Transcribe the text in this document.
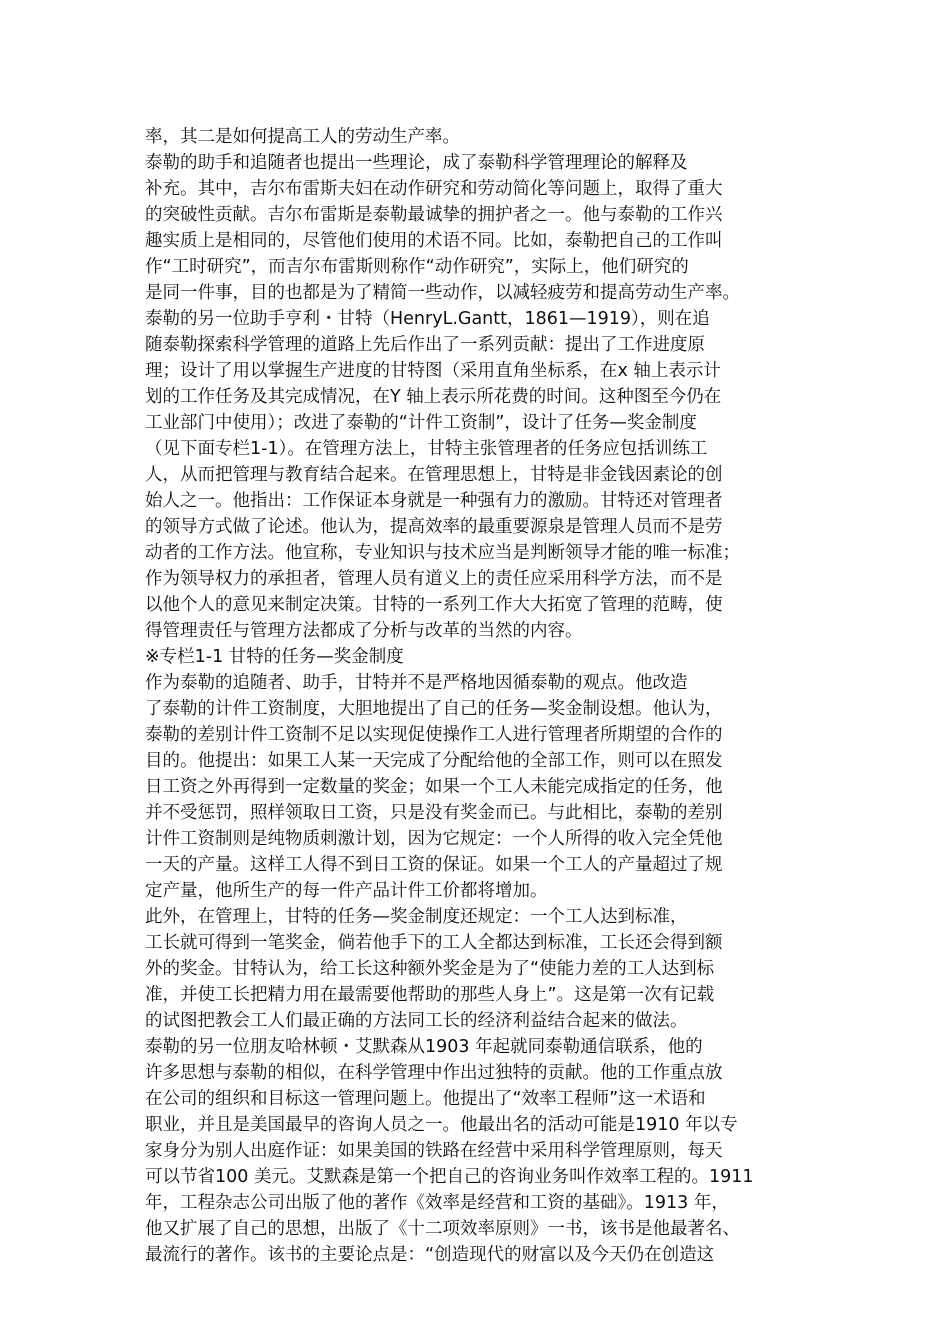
率，其二是如何提高工人的劳动生产率。
泰勒的助手和追随者也提出一些理论，成了泰勒科学管理理论的解释及
补充。其中，吉尔布雷斯夫妇在动作研究和劳动简化等问题上，取得了重大
的突破性贡献。吉尔布雷斯是泰勒最诚挚的拥护者之一。他与泰勒的工作兴
趣实质上是相同的，尽管他们使用的术语不同。比如，泰勒把自己的工作叫
作“工时研究”，而吉尔布雷斯则称作“动作研究”，实际上，他们研究的
是同一件事，目的也都是为了精简一些动作，以减轻疲劳和提高劳动生产率。
泰勒的另一位助手亨利・甘特（HenryL.Gantt，1861—1919），则在追
随泰勒探索科学管理的道路上先后作出了一系列贡献：提出了工作进度原
理；设计了用以掌握生产进度的甘特图（采用直角坐标系，在x 轴上表示计
划的工作任务及其完成情况，在Y 轴上表示所花费的时间。这种图至今仍在
工业部门中使用）；改进了泰勒的“计件工资制”，设计了任务—奖金制度
（见下面专栏1-1）。在管理方法上，甘特主张管理者的任务应包括训练工
人，从而把管理与教育结合起来。在管理思想上，甘特是非金钱因素论的创
始人之一。他指出：工作保证本身就是一种强有力的激励。甘特还对管理者
的领导方式做了论述。他认为，提高效率的最重要源泉是管理人员而不是劳
动者的工作方法。他宣称，专业知识与技术应当是判断领导才能的唯一标准；
作为领导权力的承担者，管理人员有道义上的责任应采用科学方法，而不是
以他个人的意见来制定决策。甘特的一系列工作大大拓宽了管理的范畴，使
得管理责任与管理方法都成了分析与改革的当然的内容。
※专栏1-1 甘特的任务—奖金制度
作为泰勒的追随者、助手，甘特并不是严格地因循泰勒的观点。他改造
了泰勒的计件工资制度，大胆地提出了自己的任务—奖金制设想。他认为，
泰勒的差别计件工资制不足以实现促使操作工人进行管理者所期望的合作的
目的。他提出：如果工人某一天完成了分配给他的全部工作，则可以在照发
日工资之外再得到一定数量的奖金；如果一个工人未能完成指定的任务，他
并不受惩罚，照样领取日工资，只是没有奖金而已。与此相比，泰勒的差别
计件工资制则是纯物质刺激计划，因为它规定：一个人所得的收入完全凭他
一天的产量。这样工人得不到日工资的保证。如果一个工人的产量超过了规
定产量，他所生产的每一件产品计件工价都将增加。
此外，在管理上，甘特的任务—奖金制度还规定：一个工人达到标准，
工长就可得到一笔奖金，倘若他手下的工人全都达到标准，工长还会得到额
外的奖金。甘特认为，给工长这种额外奖金是为了“使能力差的工人达到标
准，并使工长把精力用在最需要他帮助的那些人身上”。这是第一次有记载
的试图把教会工人们最正确的方法同工长的经济利益结合起来的做法。
泰勒的另一位朋友哈林顿・艾默森从1903 年起就同泰勒通信联系，他的
许多思想与泰勒的相似，在科学管理中作出过独特的贡献。他的工作重点放
在公司的组织和目标这一管理问题上。他提出了“效率工程师”这一术语和
职业，并且是美国最早的咨询人员之一。他最出名的活动可能是1910 年以专
家身分为别人出庭作证：如果美国的铁路在经营中采用科学管理原则，每天
可以节省100 美元。艾默森是第一个把自己的咨询业务叫作效率工程的。1911
年，工程杂志公司出版了他的著作《效率是经营和工资的基础》。1913 年，
他又扩展了自己的思想，出版了《十二项效率原则》一书，该书是他最著名、
最流行的著作。该书的主要论点是：“创造现代的财富以及今天仍在创造这
